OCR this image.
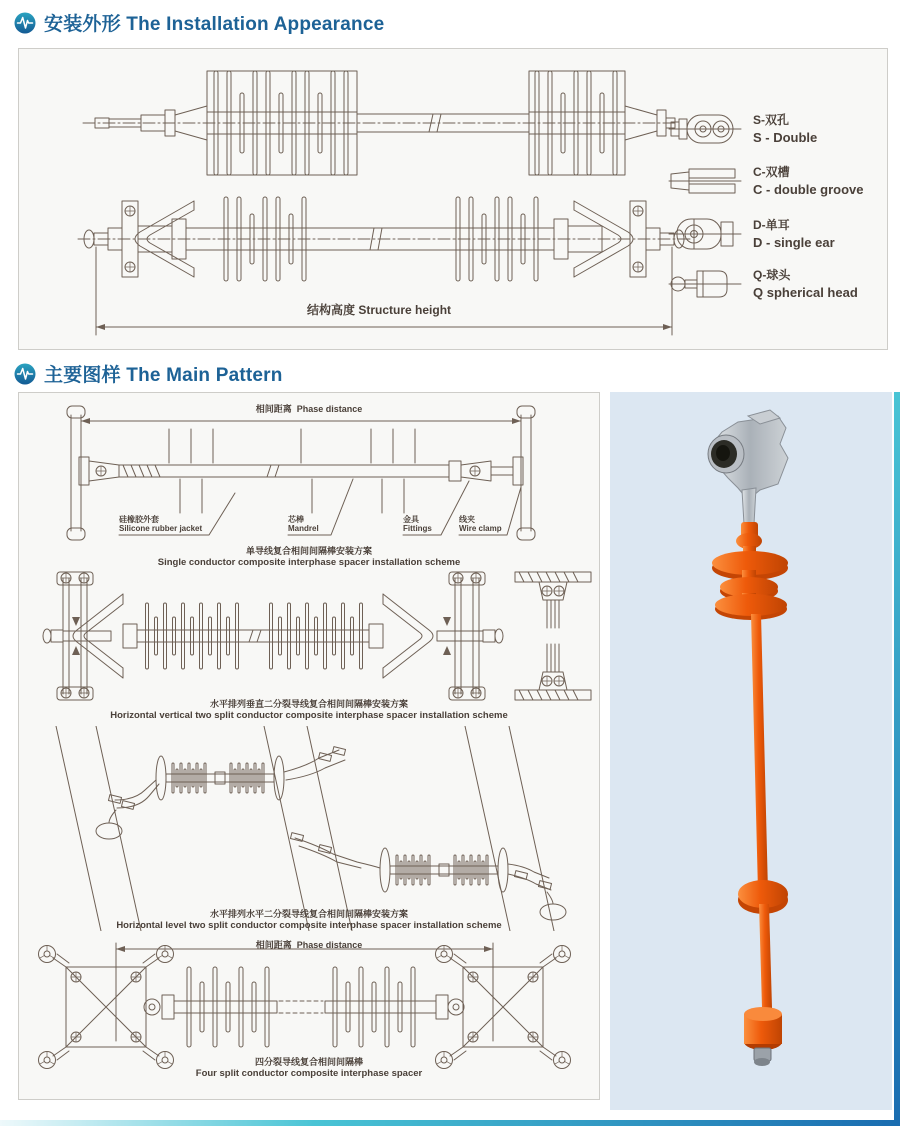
安装外形 The Installation Appearance
结构高度 Structure height
S-双孔
S - Double
C-双槽
C - double groove
D-单耳
D - single ear
Q-球头
Q spherical head
主要图样 The Main Pattern
相间距离 Phase distance
硅橡胶外套
Silicone rubber jacket
芯棒
Mandrel
金具
Fittings
线夹
Wire clamp
单导线复合相间间隔棒安装方案
Single conductor composite interphase spacer installation scheme
水平排列垂直二分裂导线复合相间间隔棒安装方案
Horizontal vertical two split conductor composite interphase spacer installation scheme
水平排列水平二分裂导线复合相间间隔棒安装方案
Horizontal level two split conductor composite interphase spacer installation scheme
相间距离 Phase distance
四分裂导线复合相间间隔棒
Four split conductor composite interphase spacer
